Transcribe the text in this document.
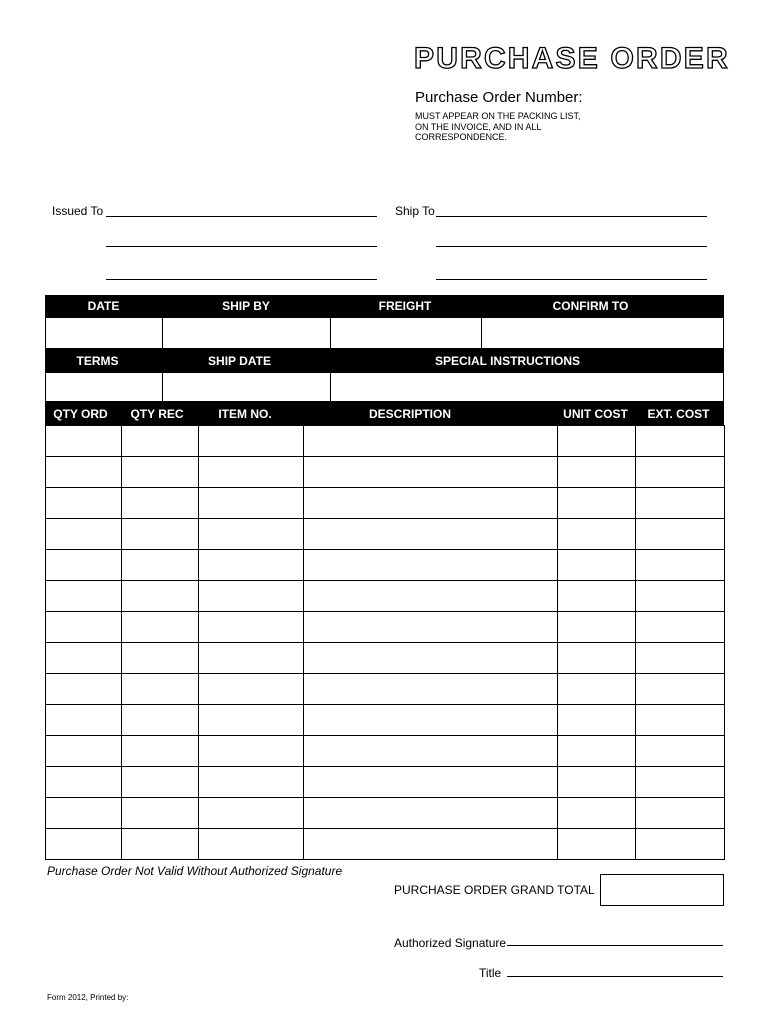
PURCHASE ORDER
Purchase Order Number:
MUST APPEAR ON THE PACKING LIST, ON THE INVOICE, AND IN ALL CORRESPONDENCE.
Issued To	Ship To
DATE	SHIP BY	FREIGHT	CONFIRM TO
TERMS	SHIP DATE	SPECIAL INSTRUCTIONS
QTY ORD	QTY REC	ITEM NO.	DESCRIPTION	UNIT COST	EXT. COST

Purchase Order Not Valid Without Authorized Signature
PURCHASE ORDER GRAND TOTAL
Authorized Signature
Title
Form 2012, Printed by:
